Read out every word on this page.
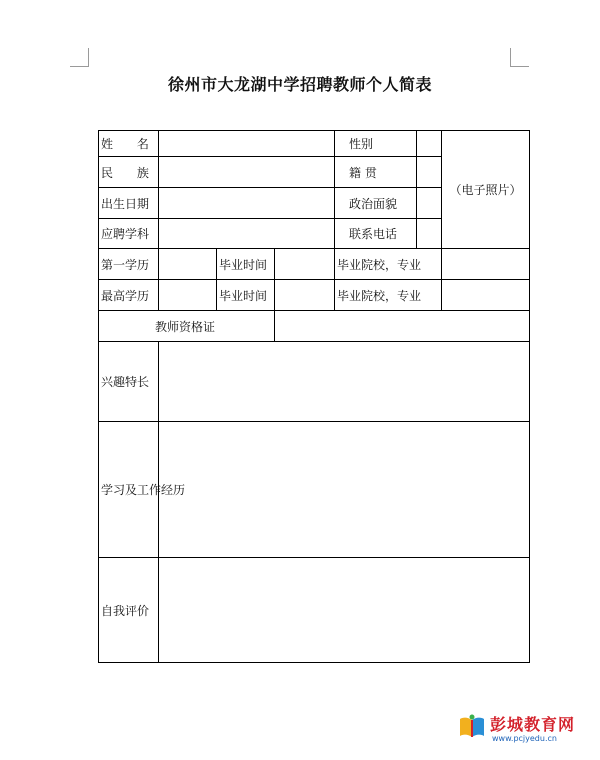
徐州市大龙湖中学招聘教师个人简表
姓 名				性别		（电子照片）
民 族				籍 贯		
出生日期				政治面貌		
应聘学科				联系电话		
第一学历		毕业时间		毕业院校，专业		
最高学历		毕业时间		毕业院校，专业		
教师资格证						
兴趣特长						
学习及工作经历						
自我评价						
彭城教育网
www.pcjyedu.cn
